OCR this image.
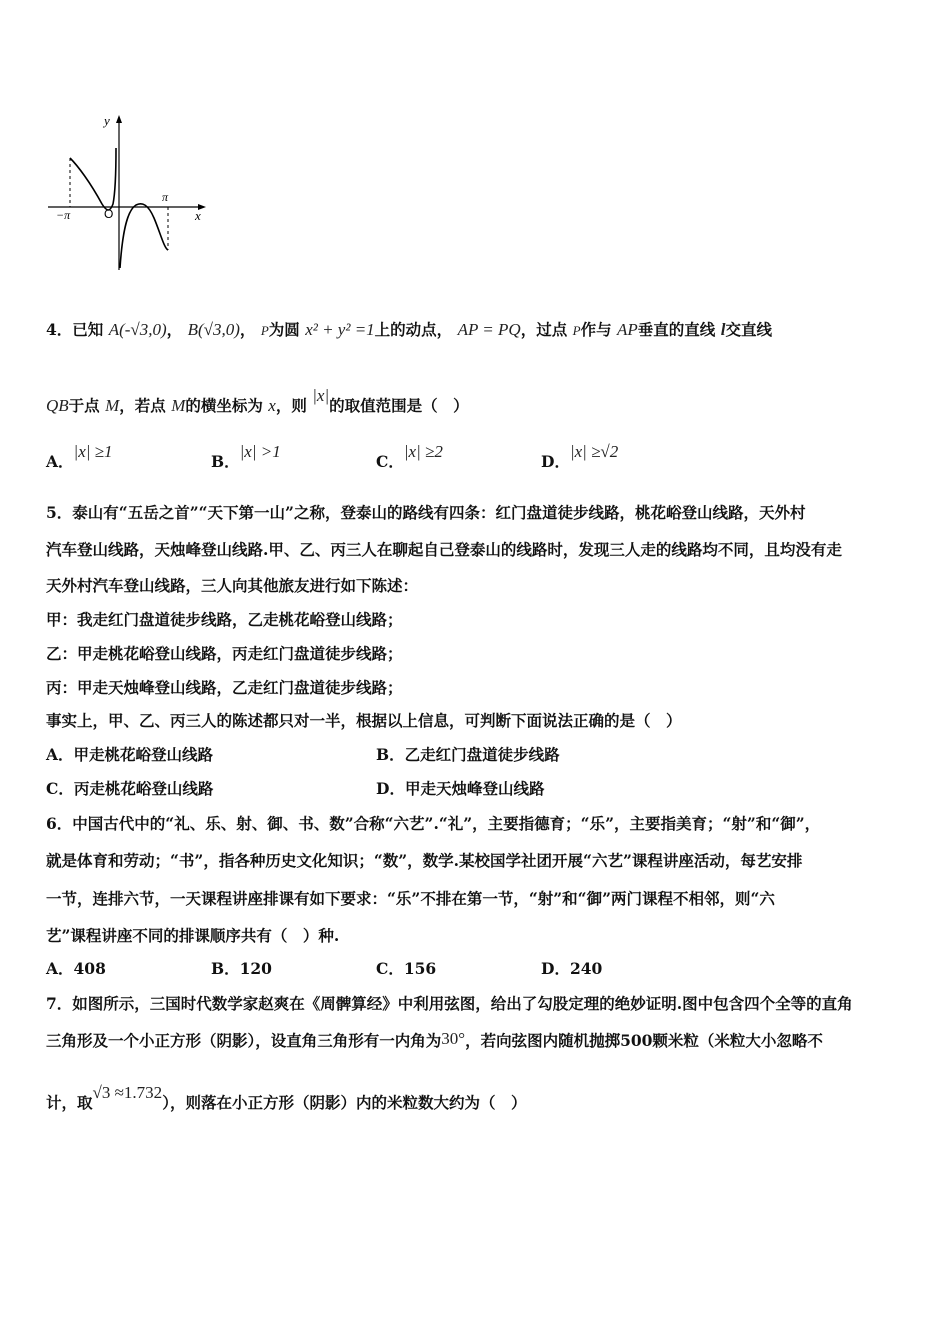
y
x
O
−π
π
4．已知 A(-√3,0)， B(√3,0)， P为圆 x² + y² =1上的动点， AP = PQ，过点 P作与 AP垂直的直线 l交直线
QB于点 M，若点 M的横坐标为 x，则 |x|的取值范围是（　）
A．|x| ≥1
B．|x| >1
C．|x| ≥2
D．|x| ≥√2
5．泰山有“五岳之首”“天下第一山”之称，登泰山的路线有四条：红门盘道徒步线路，桃花峪登山线路，天外村
汽车登山线路，天烛峰登山线路.甲、乙、丙三人在聊起自己登泰山的线路时，发现三人走的线路均不同，且均没有走
天外村汽车登山线路，三人向其他旅友进行如下陈述：
甲：我走红门盘道徒步线路，乙走桃花峪登山线路；
乙：甲走桃花峪登山线路，丙走红门盘道徒步线路；
丙：甲走天烛峰登山线路，乙走红门盘道徒步线路；
事实上，甲、乙、丙三人的陈述都只对一半，根据以上信息，可判断下面说法正确的是（　）
A．甲走桃花峪登山线路	B．乙走红门盘道徒步线路
C．丙走桃花峪登山线路	D．甲走天烛峰登山线路
6．中国古代中的“礼、乐、射、御、书、数”合称“六艺”.“礼”，主要指德育；“乐”，主要指美育；“射”和“御”，
就是体育和劳动；“书”，指各种历史文化知识；“数”，数学.某校国学社团开展“六艺”课程讲座活动，每艺安排
一节，连排六节，一天课程讲座排课有如下要求：“乐”不排在第一节，“射”和“御”两门课程不相邻，则“六
艺”课程讲座不同的排课顺序共有（　）种.
A．408	B．120	C．156	D．240
7．如图所示，三国时代数学家赵爽在《周髀算经》中利用弦图，给出了勾股定理的绝妙证明.图中包含四个全等的直角
三角形及一个小正方形（阴影），设直角三角形有一内角为30°，若向弦图内随机抛掷500颗米粒（米粒大小忽略不
计，取√3 ≈1.732），则落在小正方形（阴影）内的米粒数大约为（　）
